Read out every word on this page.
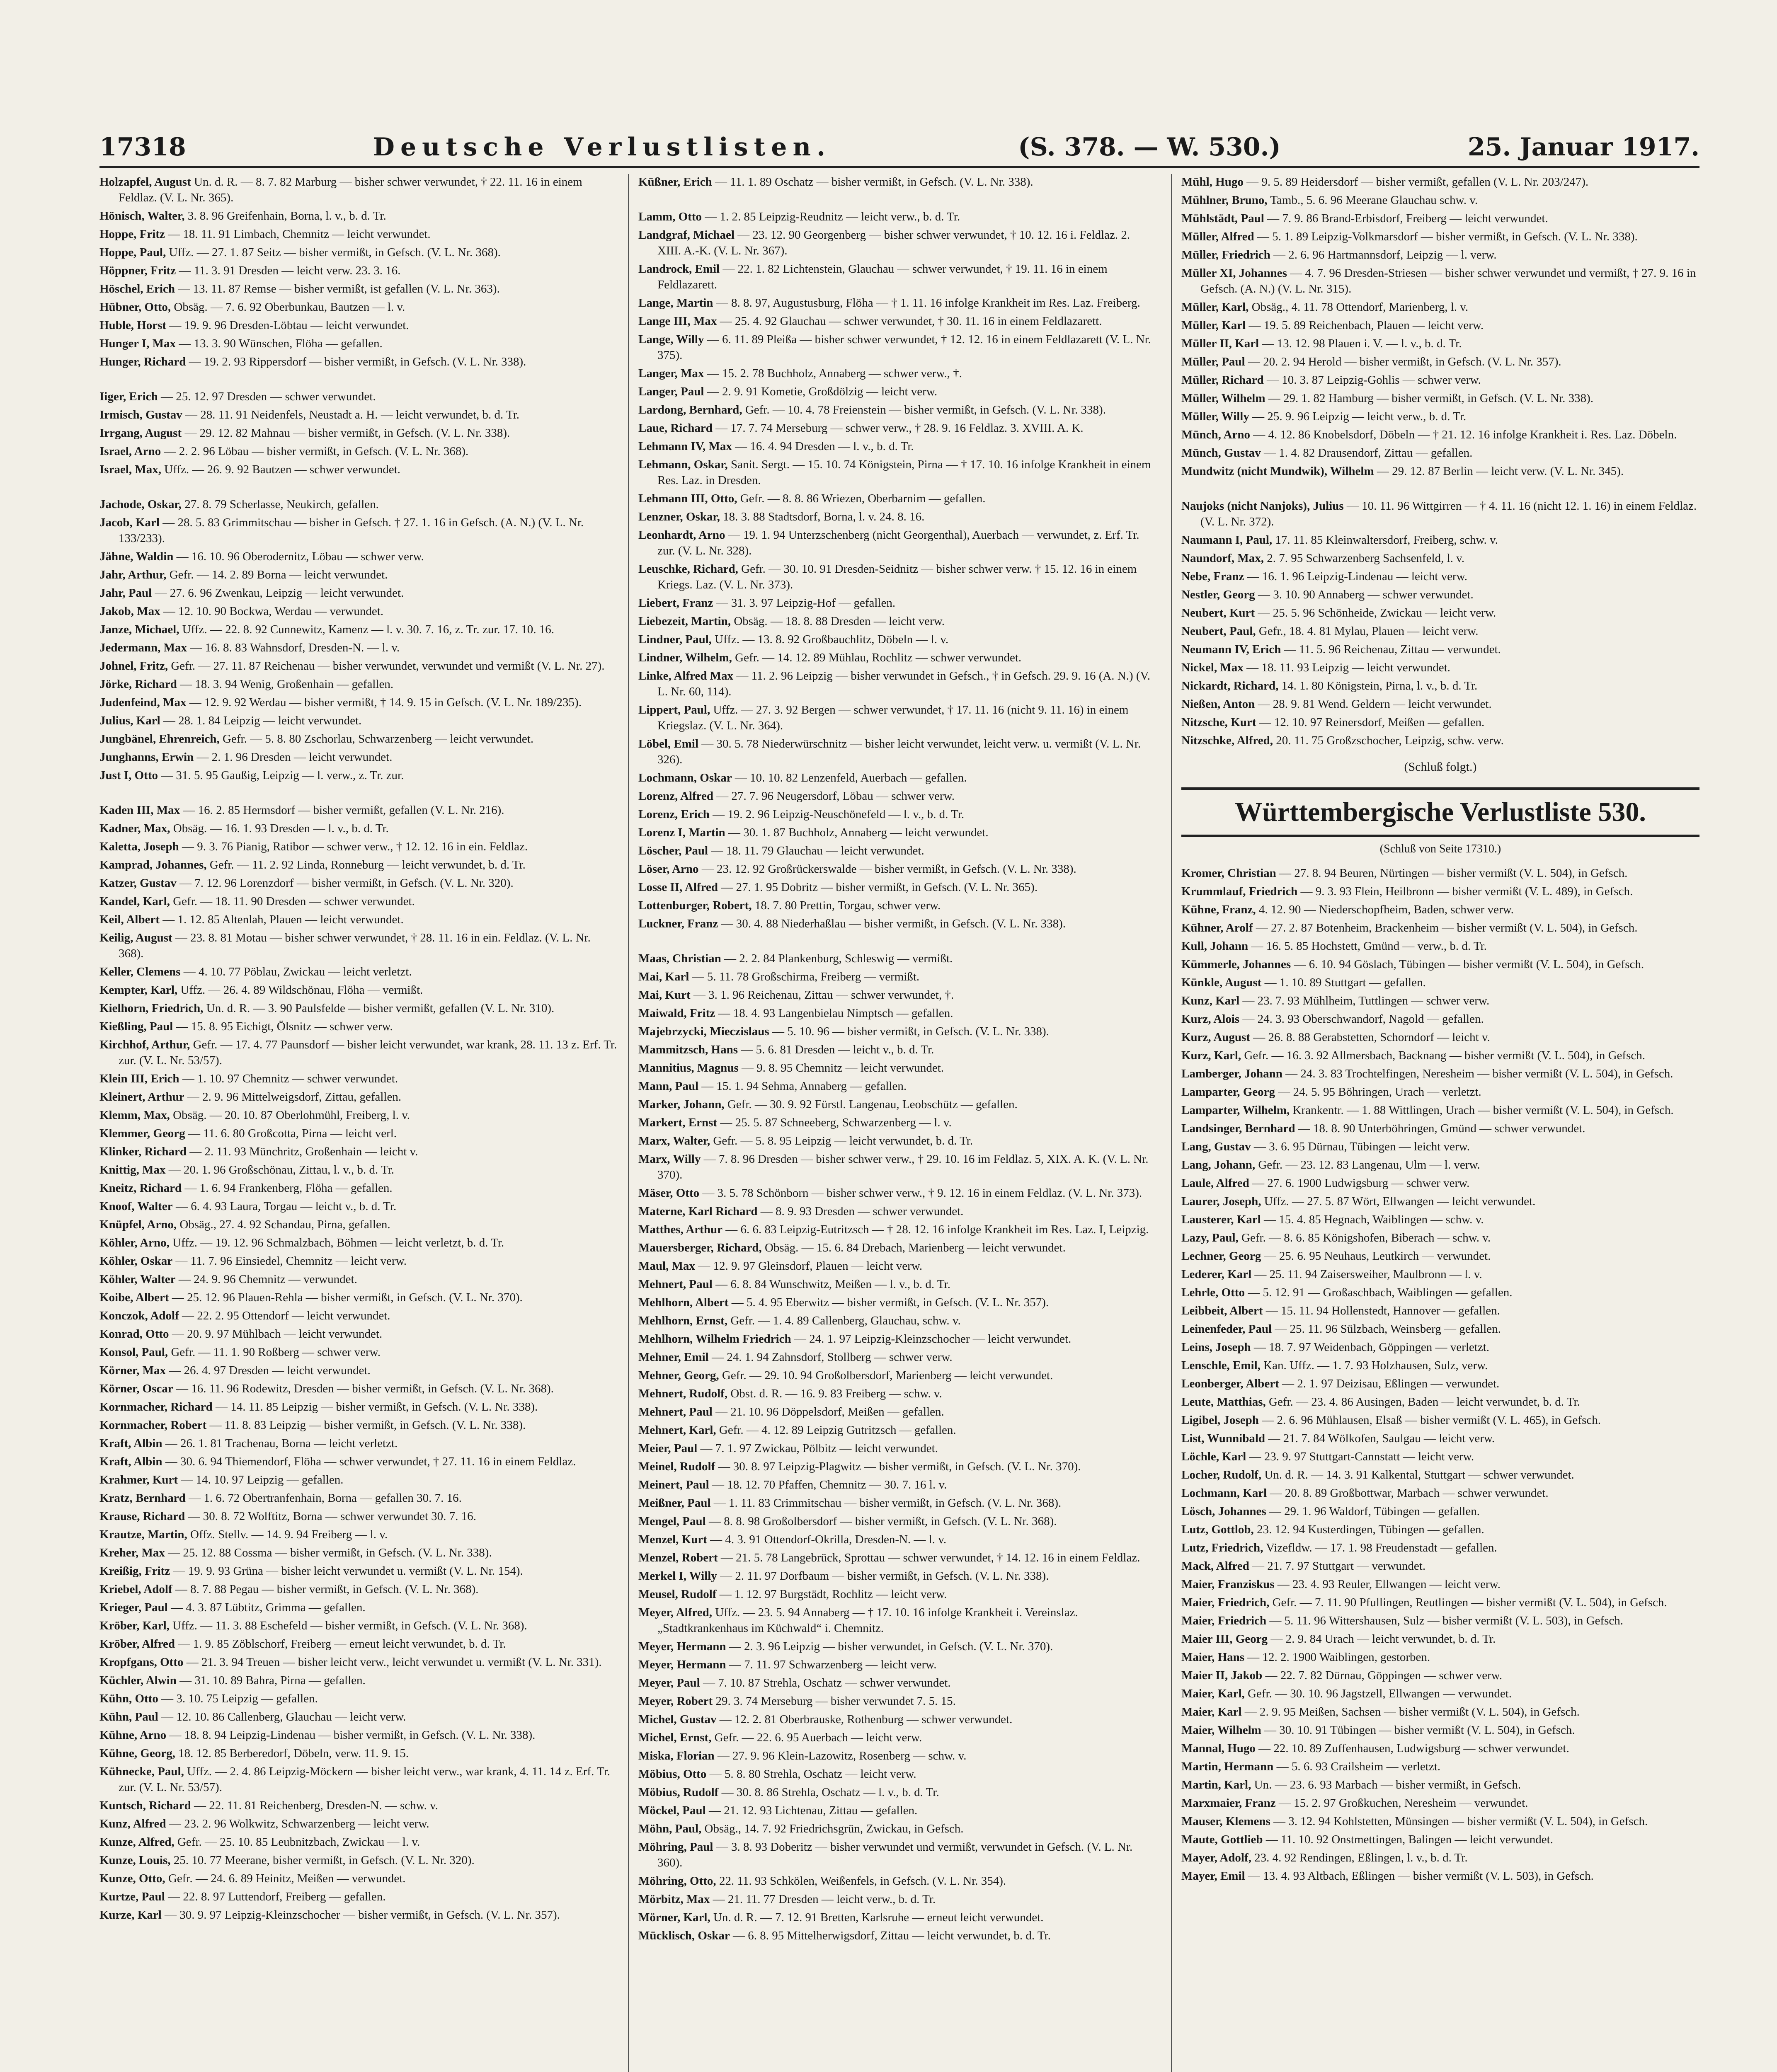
17318	Deutsche Verlustlisten.	(S. 378. — W. 530.)	25. Januar 1917.
Holzapfel, August Un. d. R. — 8. 7. 82 Marburg — bisher schwer verwundet, † 22. 11. 16 in einem Feldlaz. (V. L. Nr. 365).
Hönisch, Walter, 3. 8. 96 Greifenhain, Borna, l. v., b. d. Tr.
Hoppe, Fritz — 18. 11. 91 Limbach, Chemnitz — leicht verwundet.
Hoppe, Paul, Uffz. — 27. 1. 87 Seitz — bisher vermißt, in Gefsch. (V. L. Nr. 368).
Höppner, Fritz — 11. 3. 91 Dresden — leicht verw. 23. 3. 16.
Höschel, Erich — 13. 11. 87 Remse — bisher vermißt, ist gefallen (V. L. Nr. 363).
Hübner, Otto, Obsäg. — 7. 6. 92 Oberbunkau, Bautzen — l. v.
Huble, Horst — 19. 9. 96 Dresden-Löbtau — leicht verwundet.
Hunger I, Max — 13. 3. 90 Wünschen, Flöha — gefallen.
Hunger, Richard — 19. 2. 93 Rippersdorf — bisher vermißt, in Gefsch. (V. L. Nr. 338).
Iiger, Erich — 25. 12. 97 Dresden — schwer verwundet.
Irmisch, Gustav — 28. 11. 91 Neidenfels, Neustadt a. H. — leicht verwundet, b. d. Tr.
Irrgang, August — 29. 12. 82 Mahnau — bisher vermißt, in Gefsch. (V. L. Nr. 338).
Israel, Arno — 2. 2. 96 Löbau — bisher vermißt, in Gefsch. (V. L. Nr. 368).
Israel, Max, Uffz. — 26. 9. 92 Bautzen — schwer verwundet.
Jachode, Oskar, 27. 8. 79 Scherlasse, Neukirch, gefallen.
Jacob, Karl — 28. 5. 83 Grimmitschau — bisher in Gefsch. † 27. 1. 16 in Gefsch. (A. N.) (V. L. Nr. 133/233).
Jähne, Waldin — 16. 10. 96 Oberodernitz, Löbau — schwer verw.
Jahr, Arthur, Gefr. — 14. 2. 89 Borna — leicht verwundet.
Jahr, Paul — 27. 6. 96 Zwenkau, Leipzig — leicht verwundet.
Jakob, Max — 12. 10. 90 Bockwa, Werdau — verwundet.
Janze, Michael, Uffz. — 22. 8. 92 Cunnewitz, Kamenz — l. v. 30. 7. 16, z. Tr. zur. 17. 10. 16.
Jedermann, Max — 16. 8. 83 Wahnsdorf, Dresden-N. — l. v.
Johnel, Fritz, Gefr. — 27. 11. 87 Reichenau — bisher verwundet, verwundet und vermißt (V. L. Nr. 27).
Jörke, Richard — 18. 3. 94 Wenig, Großenhain — gefallen.
Judenfeind, Max — 12. 9. 92 Werdau — bisher vermißt, † 14. 9. 15 in Gefsch. (V. L. Nr. 189/235).
Julius, Karl — 28. 1. 84 Leipzig — leicht verwundet.
Jungbänel, Ehrenreich, Gefr. — 5. 8. 80 Zschorlau, Schwarzenberg — leicht verwundet.
Junghanns, Erwin — 2. 1. 96 Dresden — leicht verwundet.
Just I, Otto — 31. 5. 95 Gaußig, Leipzig — l. verw., z. Tr. zur.
Kaden III, Max — 16. 2. 85 Hermsdorf — bisher vermißt, gefallen (V. L. Nr. 216).
Kadner, Max, Obsäg. — 16. 1. 93 Dresden — l. v., b. d. Tr.
Kaletta, Joseph — 9. 3. 76 Pianig, Ratibor — schwer verw., † 12. 12. 16 in ein. Feldlaz.
Kamprad, Johannes, Gefr. — 11. 2. 92 Linda, Ronneburg — leicht verwundet, b. d. Tr.
Katzer, Gustav — 7. 12. 96 Lorenzdorf — bisher vermißt, in Gefsch. (V. L. Nr. 320).
Kandel, Karl, Gefr. — 18. 11. 90 Dresden — schwer verwundet.
Keil, Albert — 1. 12. 85 Altenlah, Plauen — leicht verwundet.
Keilig, August — 23. 8. 81 Motau — bisher schwer verwundet, † 28. 11. 16 in ein. Feldlaz. (V. L. Nr. 368).
Keller, Clemens — 4. 10. 77 Pöblau, Zwickau — leicht verletzt.
Kempter, Karl, Uffz. — 26. 4. 89 Wildschönau, Flöha — vermißt.
Kielhorn, Friedrich, Un. d. R. — 3. 90 Paulsfelde — bisher vermißt, gefallen (V. L. Nr. 310).
Kießling, Paul — 15. 8. 95 Eichigt, Ölsnitz — schwer verw.
Kirchhof, Arthur, Gefr. — 17. 4. 77 Paunsdorf — bisher leicht verwundet, war krank, 28. 11. 13 z. Erf. Tr. zur. (V. L. Nr. 53/57).
Klein III, Erich — 1. 10. 97 Chemnitz — schwer verwundet.
Kleinert, Arthur — 2. 9. 96 Mittelweigsdorf, Zittau, gefallen.
Klemm, Max, Obsäg. — 20. 10. 87 Oberlohmühl, Freiberg, l. v.
Klemmer, Georg — 11. 6. 80 Großcotta, Pirna — leicht verl.
Klinker, Richard — 2. 11. 93 Münchritz, Großenhain — leicht v.
Knittig, Max — 20. 1. 96 Großschönau, Zittau, l. v., b. d. Tr.
Kneitz, Richard — 1. 6. 94 Frankenberg, Flöha — gefallen.
Knoof, Walter — 6. 4. 93 Laura, Torgau — leicht v., b. d. Tr.
Knüpfel, Arno, Obsäg., 27. 4. 92 Schandau, Pirna, gefallen.
Köhler, Arno, Uffz. — 19. 12. 96 Schmalzbach, Böhmen — leicht verletzt, b. d. Tr.
Köhler, Oskar — 11. 7. 96 Einsiedel, Chemnitz — leicht verw.
Köhler, Walter — 24. 9. 96 Chemnitz — verwundet.
Koibe, Albert — 25. 12. 96 Plauen-Rehla — bisher vermißt, in Gefsch. (V. L. Nr. 370).
Konczok, Adolf — 22. 2. 95 Ottendorf — leicht verwundet.
Konrad, Otto — 20. 9. 97 Mühlbach — leicht verwundet.
Konsol, Paul, Gefr. — 11. 1. 90 Roßberg — schwer verw.
Körner, Max — 26. 4. 97 Dresden — leicht verwundet.
Körner, Oscar — 16. 11. 96 Rodewitz, Dresden — bisher vermißt, in Gefsch. (V. L. Nr. 368).
Kornmacher, Richard — 14. 11. 85 Leipzig — bisher vermißt, in Gefsch. (V. L. Nr. 338).
Kornmacher, Robert — 11. 8. 83 Leipzig — bisher vermißt, in Gefsch. (V. L. Nr. 338).
Kraft, Albin — 26. 1. 81 Trachenau, Borna — leicht verletzt.
Kraft, Albin — 30. 6. 94 Thiemendorf, Flöha — schwer verwundet, † 27. 11. 16 in einem Feldlaz.
Krahmer, Kurt — 14. 10. 97 Leipzig — gefallen.
Kratz, Bernhard — 1. 6. 72 Obertranfenhain, Borna — gefallen 30. 7. 16.
Krause, Richard — 30. 8. 72 Wolftitz, Borna — schwer verwundet 30. 7. 16.
Krautze, Martin, Offz. Stellv. — 14. 9. 94 Freiberg — l. v.
Kreher, Max — 25. 12. 88 Cossma — bisher vermißt, in Gefsch. (V. L. Nr. 338).
Kreißig, Fritz — 19. 9. 93 Grüna — bisher leicht verwundet u. vermißt (V. L. Nr. 154).
Kriebel, Adolf — 8. 7. 88 Pegau — bisher vermißt, in Gefsch. (V. L. Nr. 368).
Krieger, Paul — 4. 3. 87 Lübtitz, Grimma — gefallen.
Kröber, Karl, Uffz. — 11. 3. 88 Eschefeld — bisher vermißt, in Gefsch. (V. L. Nr. 368).
Kröber, Alfred — 1. 9. 85 Zöblschorf, Freiberg — erneut leicht verwundet, b. d. Tr.
Kropfgans, Otto — 21. 3. 94 Treuen — bisher leicht verw., leicht verwundet u. vermißt (V. L. Nr. 331).
Küchler, Alwin — 31. 10. 89 Bahra, Pirna — gefallen.
Kühn, Otto — 3. 10. 75 Leipzig — gefallen.
Kühn, Paul — 12. 10. 86 Callenberg, Glauchau — leicht verw.
Kühne, Arno — 18. 8. 94 Leipzig-Lindenau — bisher vermißt, in Gefsch. (V. L. Nr. 338).
Kühne, Georg, 18. 12. 85 Berberedorf, Döbeln, verw. 11. 9. 15.
Kühnecke, Paul, Uffz. — 2. 4. 86 Leipzig-Möckern — bisher leicht verw., war krank, 4. 11. 14 z. Erf. Tr. zur. (V. L. Nr. 53/57).
Kuntsch, Richard — 22. 11. 81 Reichenberg, Dresden-N. — schw. v.
Kunz, Alfred — 23. 2. 96 Wolkwitz, Schwarzenberg — leicht verw.
Kunze, Alfred, Gefr. — 25. 10. 85 Leubnitzbach, Zwickau — l. v.
Kunze, Louis, 25. 10. 77 Meerane, bisher vermißt, in Gefsch. (V. L. Nr. 320).
Kunze, Otto, Gefr. — 24. 6. 89 Heinitz, Meißen — verwundet.
Kurtze, Paul — 22. 8. 97 Luttendorf, Freiberg — gefallen.
Kurze, Karl — 30. 9. 97 Leipzig-Kleinzschocher — bisher vermißt, in Gefsch. (V. L. Nr. 357).
Küßner, Erich — 11. 1. 89 Oschatz — bisher vermißt, in Gefsch. (V. L. Nr. 338).
Lamm, Otto — 1. 2. 85 Leipzig-Reudnitz — leicht verw., b. d. Tr.
Landgraf, Michael — 23. 12. 90 Georgenberg — bisher schwer verwundet, † 10. 12. 16 i. Feldlaz. 2. XIII. A.-K. (V. L. Nr. 367).
Landrock, Emil — 22. 1. 82 Lichtenstein, Glauchau — schwer verwundet, † 19. 11. 16 in einem Feldlazarett.
Lange, Martin — 8. 8. 97, Augustusburg, Flöha — † 1. 11. 16 infolge Krankheit im Res. Laz. Freiberg.
Lange III, Max — 25. 4. 92 Glauchau — schwer verwundet, † 30. 11. 16 in einem Feldlazarett.
Lange, Willy — 6. 11. 89 Pleißa — bisher schwer verwundet, † 12. 12. 16 in einem Feldlazarett (V. L. Nr. 375).
Langer, Max — 15. 2. 78 Buchholz, Annaberg — schwer verw., †.
Langer, Paul — 2. 9. 91 Kometie, Großdölzig — leicht verw.
Lardong, Bernhard, Gefr. — 10. 4. 78 Freienstein — bisher vermißt, in Gefsch. (V. L. Nr. 338).
Laue, Richard — 17. 7. 74 Merseburg — schwer verw., † 28. 9. 16 Feldlaz. 3. XVIII. A. K.
Lehmann IV, Max — 16. 4. 94 Dresden — l. v., b. d. Tr.
Lehmann, Oskar, Sanit. Sergt. — 15. 10. 74 Königstein, Pirna — † 17. 10. 16 infolge Krankheit in einem Res. Laz. in Dresden.
Lehmann III, Otto, Gefr. — 8. 8. 86 Wriezen, Oberbarnim — gefallen.
Lenzner, Oskar, 18. 3. 88 Stadtsdorf, Borna, l. v. 24. 8. 16.
Leonhardt, Arno — 19. 1. 94 Unterzschenberg (nicht Georgenthal), Auerbach — verwundet, z. Erf. Tr. zur. (V. L. Nr. 328).
Leuschke, Richard, Gefr. — 30. 10. 91 Dresden-Seidnitz — bisher schwer verw. † 15. 12. 16 in einem Kriegs. Laz. (V. L. Nr. 373).
Liebert, Franz — 31. 3. 97 Leipzig-Hof — gefallen.
Liebezeit, Martin, Obsäg. — 18. 8. 88 Dresden — leicht verw.
Lindner, Paul, Uffz. — 13. 8. 92 Großbauchlitz, Döbeln — l. v.
Lindner, Wilhelm, Gefr. — 14. 12. 89 Mühlau, Rochlitz — schwer verwundet.
Linke, Alfred Max — 11. 2. 96 Leipzig — bisher verwundet in Gefsch., † in Gefsch. 29. 9. 16 (A. N.) (V. L. Nr. 60, 114).
Lippert, Paul, Uffz. — 27. 3. 92 Bergen — schwer verwundet, † 17. 11. 16 (nicht 9. 11. 16) in einem Kriegslaz. (V. L. Nr. 364).
Löbel, Emil — 30. 5. 78 Niederwürschnitz — bisher leicht verwundet, leicht verw. u. vermißt (V. L. Nr. 326).
Lochmann, Oskar — 10. 10. 82 Lenzenfeld, Auerbach — gefallen.
Lorenz, Alfred — 27. 7. 96 Neugersdorf, Löbau — schwer verw.
Lorenz, Erich — 19. 2. 96 Leipzig-Neuschönefeld — l. v., b. d. Tr.
Lorenz I, Martin — 30. 1. 87 Buchholz, Annaberg — leicht verwundet.
Löscher, Paul — 18. 11. 79 Glauchau — leicht verwundet.
Löser, Arno — 23. 12. 92 Großrückerswalde — bisher vermißt, in Gefsch. (V. L. Nr. 338).
Losse II, Alfred — 27. 1. 95 Dobritz — bisher vermißt, in Gefsch. (V. L. Nr. 365).
Lottenburger, Robert, 18. 7. 80 Prettin, Torgau, schwer verw.
Luckner, Franz — 30. 4. 88 Niederhaßlau — bisher vermißt, in Gefsch. (V. L. Nr. 338).
Maas, Christian — 2. 2. 84 Plankenburg, Schleswig — vermißt.
Mai, Karl — 5. 11. 78 Großschirma, Freiberg — vermißt.
Mai, Kurt — 3. 1. 96 Reichenau, Zittau — schwer verwundet, †.
Maiwald, Fritz — 18. 4. 93 Langenbielau Nimptsch — gefallen.
Majebrzycki, Mieczislaus — 5. 10. 96 — bisher vermißt, in Gefsch. (V. L. Nr. 338).
Mammitzsch, Hans — 5. 6. 81 Dresden — leicht v., b. d. Tr.
Mannitius, Magnus — 9. 8. 95 Chemnitz — leicht verwundet.
Mann, Paul — 15. 1. 94 Sehma, Annaberg — gefallen.
Marker, Johann, Gefr. — 30. 9. 92 Fürstl. Langenau, Leobschütz — gefallen.
Markert, Ernst — 25. 5. 87 Schneeberg, Schwarzenberg — l. v.
Marx, Walter, Gefr. — 5. 8. 95 Leipzig — leicht verwundet, b. d. Tr.
Marx, Willy — 7. 8. 96 Dresden — bisher schwer verw., † 29. 10. 16 im Feldlaz. 5, XIX. A. K. (V. L. Nr. 370).
Mäser, Otto — 3. 5. 78 Schönborn — bisher schwer verw., † 9. 12. 16 in einem Feldlaz. (V. L. Nr. 373).
Materne, Karl Richard — 8. 9. 93 Dresden — schwer verwundet.
Matthes, Arthur — 6. 6. 83 Leipzig-Eutritzsch — † 28. 12. 16 infolge Krankheit im Res. Laz. I, Leipzig.
Mauersberger, Richard, Obsäg. — 15. 6. 84 Drebach, Marienberg — leicht verwundet.
Maul, Max — 12. 9. 97 Gleinsdorf, Plauen — leicht verw.
Mehnert, Paul — 6. 8. 84 Wunschwitz, Meißen — l. v., b. d. Tr.
Mehlhorn, Albert — 5. 4. 95 Eberwitz — bisher vermißt, in Gefsch. (V. L. Nr. 357).
Mehlhorn, Ernst, Gefr. — 1. 4. 89 Callenberg, Glauchau, schw. v.
Mehlhorn, Wilhelm Friedrich — 24. 1. 97 Leipzig-Kleinzschocher — leicht verwundet.
Mehner, Emil — 24. 1. 94 Zahnsdorf, Stollberg — schwer verw.
Mehner, Georg, Gefr. — 29. 10. 94 Großolbersdorf, Marienberg — leicht verwundet.
Mehnert, Rudolf, Obst. d. R. — 16. 9. 83 Freiberg — schw. v.
Mehnert, Paul — 21. 10. 96 Döppelsdorf, Meißen — gefallen.
Mehnert, Karl, Gefr. — 4. 12. 89 Leipzig Gutritzsch — gefallen.
Meier, Paul — 7. 1. 97 Zwickau, Pölbitz — leicht verwundet.
Meinel, Rudolf — 30. 8. 97 Leipzig-Plagwitz — bisher vermißt, in Gefsch. (V. L. Nr. 370).
Meinert, Paul — 18. 12. 70 Pfaffen, Chemnitz — 30. 7. 16 l. v.
Meißner, Paul — 1. 11. 83 Crimmitschau — bisher vermißt, in Gefsch. (V. L. Nr. 368).
Mengel, Paul — 8. 8. 98 Großolbersdorf — bisher vermißt, in Gefsch. (V. L. Nr. 368).
Menzel, Kurt — 4. 3. 91 Ottendorf-Okrilla, Dresden-N. — l. v.
Menzel, Robert — 21. 5. 78 Langebrück, Sprottau — schwer verwundet, † 14. 12. 16 in einem Feldlaz.
Merkel I, Willy — 2. 11. 97 Dorfbaum — bisher vermißt, in Gefsch. (V. L. Nr. 338).
Meusel, Rudolf — 1. 12. 97 Burgstädt, Rochlitz — leicht verw.
Meyer, Alfred, Uffz. — 23. 5. 94 Annaberg — † 17. 10. 16 infolge Krankheit i. Vereinslaz. „Stadtkrankenhaus im Küchwald“ i. Chemnitz.
Meyer, Hermann — 2. 3. 96 Leipzig — bisher verwundet, in Gefsch. (V. L. Nr. 370).
Meyer, Hermann — 7. 11. 97 Schwarzenberg — leicht verw.
Meyer, Paul — 7. 10. 87 Strehla, Oschatz — schwer verwundet.
Meyer, Robert 29. 3. 74 Merseburg — bisher verwundet 7. 5. 15.
Michel, Gustav — 12. 2. 81 Oberbrauske, Rothenburg — schwer verwundet.
Michel, Ernst, Gefr. — 22. 6. 95 Auerbach — leicht verw.
Miska, Florian — 27. 9. 96 Klein-Lazowitz, Rosenberg — schw. v.
Möbius, Otto — 5. 8. 80 Strehla, Oschatz — leicht verw.
Möbius, Rudolf — 30. 8. 86 Strehla, Oschatz — l. v., b. d. Tr.
Möckel, Paul — 21. 12. 93 Lichtenau, Zittau — gefallen.
Möhn, Paul, Obsäg., 14. 7. 92 Friedrichsgrün, Zwickau, in Gefsch.
Möhring, Paul — 3. 8. 93 Doberitz — bisher verwundet und vermißt, verwundet in Gefsch. (V. L. Nr. 360).
Möhring, Otto, 22. 11. 93 Schkölen, Weißenfels, in Gefsch. (V. L. Nr. 354).
Mörbitz, Max — 21. 11. 77 Dresden — leicht verw., b. d. Tr.
Mörner, Karl, Un. d. R. — 7. 12. 91 Bretten, Karlsruhe — erneut leicht verwundet.
Mücklisch, Oskar — 6. 8. 95 Mittelherwigsdorf, Zittau — leicht verwundet, b. d. Tr.
Mühl, Hugo — 9. 5. 89 Heidersdorf — bisher vermißt, gefallen (V. L. Nr. 203/247).
Mühlner, Bruno, Tamb., 5. 6. 96 Meerane Glauchau schw. v.
Mühlstädt, Paul — 7. 9. 86 Brand-Erbisdorf, Freiberg — leicht verwundet.
Müller, Alfred — 5. 1. 89 Leipzig-Volkmarsdorf — bisher vermißt, in Gefsch. (V. L. Nr. 338).
Müller, Friedrich — 2. 6. 96 Hartmannsdorf, Leipzig — l. verw.
Müller XI, Johannes — 4. 7. 96 Dresden-Striesen — bisher schwer verwundet und vermißt, † 27. 9. 16 in Gefsch. (A. N.) (V. L. Nr. 315).
Müller, Karl, Obsäg., 4. 11. 78 Ottendorf, Marienberg, l. v.
Müller, Karl — 19. 5. 89 Reichenbach, Plauen — leicht verw.
Müller II, Karl — 13. 12. 98 Plauen i. V. — l. v., b. d. Tr.
Müller, Paul — 20. 2. 94 Herold — bisher vermißt, in Gefsch. (V. L. Nr. 357).
Müller, Richard — 10. 3. 87 Leipzig-Gohlis — schwer verw.
Müller, Wilhelm — 29. 1. 82 Hamburg — bisher vermißt, in Gefsch. (V. L. Nr. 338).
Müller, Willy — 25. 9. 96 Leipzig — leicht verw., b. d. Tr.
Münch, Arno — 4. 12. 86 Knobelsdorf, Döbeln — † 21. 12. 16 infolge Krankheit i. Res. Laz. Döbeln.
Münch, Gustav — 1. 4. 82 Drausendorf, Zittau — gefallen.
Mundwitz (nicht Mundwik), Wilhelm — 29. 12. 87 Berlin — leicht verw. (V. L. Nr. 345).
Naujoks (nicht Nanjoks), Julius — 10. 11. 96 Wittgirren — † 4. 11. 16 (nicht 12. 1. 16) in einem Feldlaz. (V. L. Nr. 372).
Naumann I, Paul, 17. 11. 85 Kleinwaltersdorf, Freiberg, schw. v.
Naundorf, Max, 2. 7. 95 Schwarzenberg Sachsenfeld, l. v.
Nebe, Franz — 16. 1. 96 Leipzig-Lindenau — leicht verw.
Nestler, Georg — 3. 10. 90 Annaberg — schwer verwundet.
Neubert, Kurt — 25. 5. 96 Schönheide, Zwickau — leicht verw.
Neubert, Paul, Gefr., 18. 4. 81 Mylau, Plauen — leicht verw.
Neumann IV, Erich — 11. 5. 96 Reichenau, Zittau — verwundet.
Nickel, Max — 18. 11. 93 Leipzig — leicht verwundet.
Nickardt, Richard, 14. 1. 80 Königstein, Pirna, l. v., b. d. Tr.
Nießen, Anton — 28. 9. 81 Wend. Geldern — leicht verwundet.
Nitzsche, Kurt — 12. 10. 97 Reinersdorf, Meißen — gefallen.
Nitzschke, Alfred, 20. 11. 75 Großzschocher, Leipzig, schw. verw.
(Schluß folgt.)
Württembergische Verlustliste 530.
(Schluß von Seite 17310.)
Kromer, Christian — 27. 8. 94 Beuren, Nürtingen — bisher vermißt (V. L. 504), in Gefsch.
Krummlauf, Friedrich — 9. 3. 93 Flein, Heilbronn — bisher vermißt (V. L. 489), in Gefsch.
Kühne, Franz, 4. 12. 90 — Niederschopfheim, Baden, schwer verw.
Kühner, Arolf — 27. 2. 87 Botenheim, Brackenheim — bisher vermißt (V. L. 504), in Gefsch.
Kull, Johann — 16. 5. 85 Hochstett, Gmünd — verw., b. d. Tr.
Kümmerle, Johannes — 6. 10. 94 Göslach, Tübingen — bisher vermißt (V. L. 504), in Gefsch.
Künkle, August — 1. 10. 89 Stuttgart — gefallen.
Kunz, Karl — 23. 7. 93 Mühlheim, Tuttlingen — schwer verw.
Kurz, Alois — 24. 3. 93 Oberschwandorf, Nagold — gefallen.
Kurz, August — 26. 8. 88 Gerabstetten, Schorndorf — leicht v.
Kurz, Karl, Gefr. — 16. 3. 92 Allmersbach, Backnang — bisher vermißt (V. L. 504), in Gefsch.
Lamberger, Johann — 24. 3. 83 Trochtelfingen, Neresheim — bisher vermißt (V. L. 504), in Gefsch.
Lamparter, Georg — 24. 5. 95 Böhringen, Urach — verletzt.
Lamparter, Wilhelm, Krankentr. — 1. 88 Wittlingen, Urach — bisher vermißt (V. L. 504), in Gefsch.
Landsinger, Bernhard — 18. 8. 90 Unterböhringen, Gmünd — schwer verwundet.
Lang, Gustav — 3. 6. 95 Dürnau, Tübingen — leicht verw.
Lang, Johann, Gefr. — 23. 12. 83 Langenau, Ulm — l. verw.
Laule, Alfred — 27. 6. 1900 Ludwigsburg — schwer verw.
Laurer, Joseph, Uffz. — 27. 5. 87 Wört, Ellwangen — leicht verwundet.
Lausterer, Karl — 15. 4. 85 Hegnach, Waiblingen — schw. v.
Lazy, Paul, Gefr. — 8. 6. 85 Königshofen, Biberach — schw. v.
Lechner, Georg — 25. 6. 95 Neuhaus, Leutkirch — verwundet.
Lederer, Karl — 25. 11. 94 Zaisersweiher, Maulbronn — l. v.
Lehrle, Otto — 5. 12. 91 — Großaschbach, Waiblingen — gefallen.
Leibbeit, Albert — 15. 11. 94 Hollenstedt, Hannover — gefallen.
Leinenfeder, Paul — 25. 11. 96 Sülzbach, Weinsberg — gefallen.
Leins, Joseph — 18. 7. 97 Weidenbach, Göppingen — verletzt.
Lenschle, Emil, Kan. Uffz. — 1. 7. 93 Holzhausen, Sulz, verw.
Leonberger, Albert — 2. 1. 97 Deizisau, Eßlingen — verwundet.
Leute, Matthias, Gefr. — 23. 4. 86 Ausingen, Baden — leicht verwundet, b. d. Tr.
Ligibel, Joseph — 2. 6. 96 Mühlausen, Elsaß — bisher vermißt (V. L. 465), in Gefsch.
List, Wunnibald — 21. 7. 84 Wölkofen, Saulgau — leicht verw.
Löchle, Karl — 23. 9. 97 Stuttgart-Cannstatt — leicht verw.
Locher, Rudolf, Un. d. R. — 14. 3. 91 Kalkental, Stuttgart — schwer verwundet.
Lochmann, Karl — 20. 8. 89 Großbottwar, Marbach — schwer verwundet.
Lösch, Johannes — 29. 1. 96 Waldorf, Tübingen — gefallen.
Lutz, Gottlob, 23. 12. 94 Kusterdingen, Tübingen — gefallen.
Lutz, Friedrich, Vizefldw. — 17. 1. 98 Freudenstadt — gefallen.
Mack, Alfred — 21. 7. 97 Stuttgart — verwundet.
Maier, Franziskus — 23. 4. 93 Reuler, Ellwangen — leicht verw.
Maier, Friedrich, Gefr. — 7. 11. 90 Pfullingen, Reutlingen — bisher vermißt (V. L. 504), in Gefsch.
Maier, Friedrich — 5. 11. 96 Wittershausen, Sulz — bisher vermißt (V. L. 503), in Gefsch.
Maier III, Georg — 2. 9. 84 Urach — leicht verwundet, b. d. Tr.
Maier, Hans — 12. 2. 1900 Waiblingen, gestorben.
Maier II, Jakob — 22. 7. 82 Dürnau, Göppingen — schwer verw.
Maier, Karl, Gefr. — 30. 10. 96 Jagstzell, Ellwangen — verwundet.
Maier, Karl — 2. 9. 95 Meißen, Sachsen — bisher vermißt (V. L. 504), in Gefsch.
Maier, Wilhelm — 30. 10. 91 Tübingen — bisher vermißt (V. L. 504), in Gefsch.
Mannal, Hugo — 22. 10. 89 Zuffenhausen, Ludwigsburg — schwer verwundet.
Martin, Hermann — 5. 6. 93 Crailsheim — verletzt.
Martin, Karl, Un. — 23. 6. 93 Marbach — bisher vermißt, in Gefsch.
Marxmaier, Franz — 15. 2. 97 Großkuchen, Neresheim — verwundet.
Mauser, Klemens — 3. 12. 94 Kohlstetten, Münsingen — bisher vermißt (V. L. 504), in Gefsch.
Maute, Gottlieb — 11. 10. 92 Onstmettingen, Balingen — leicht verwundet.
Mayer, Adolf, 23. 4. 92 Rendingen, Eßlingen, l. v., b. d. Tr.
Mayer, Emil — 13. 4. 93 Altbach, Eßlingen — bisher vermißt (V. L. 503), in Gefsch.
